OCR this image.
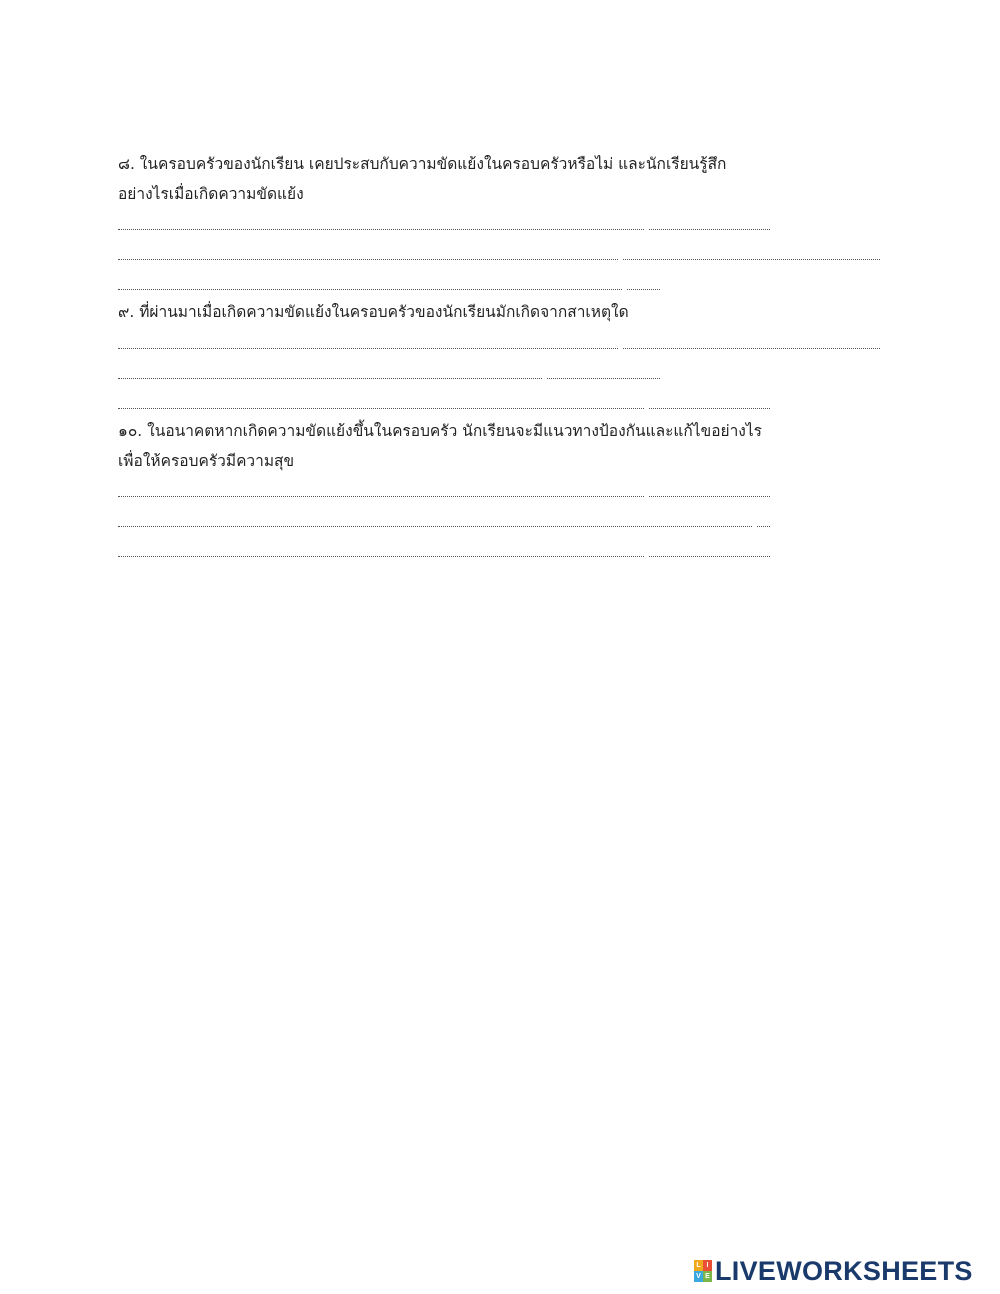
๘. ในครอบครัวของนักเรียน เคยประสบกับความขัดแย้งในครอบครัวหรือไม่ และนักเรียนรู้สึก
อย่างไรเมื่อเกิดความขัดแย้ง
๙. ที่ผ่านมาเมื่อเกิดความขัดแย้งในครอบครัวของนักเรียนมักเกิดจากสาเหตุใด
๑๐. ในอนาคตหากเกิดความขัดแย้งขึ้นในครอบครัว นักเรียนจะมีแนวทางป้องกันและแก้ไขอย่างไร
เพื่อให้ครอบครัวมีความสุข
L I
V E LIVEWORKSHEETS
